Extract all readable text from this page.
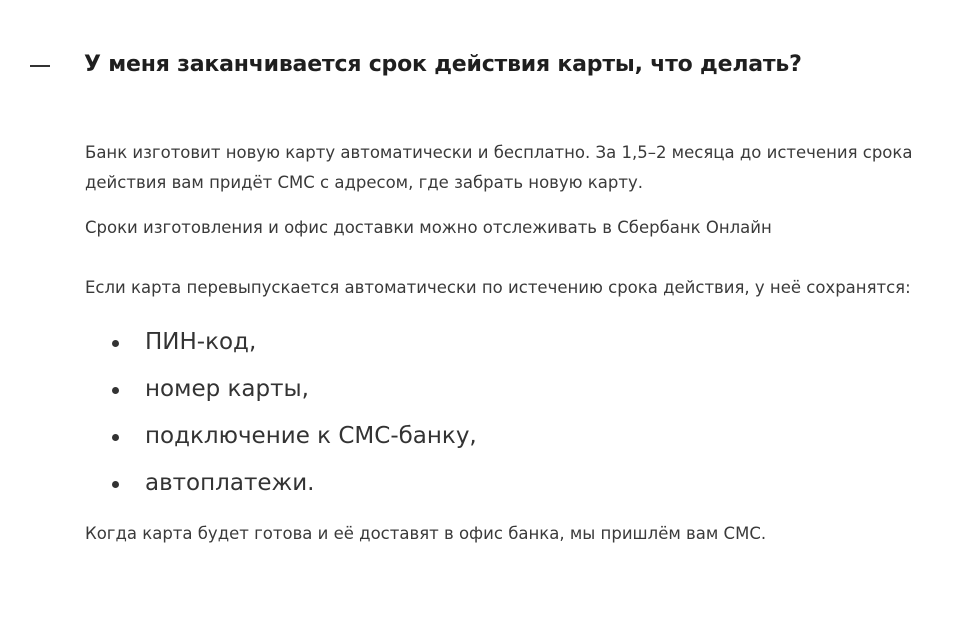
У меня заканчивается срок действия карты, что делать?

Банк изготовит новую карту автоматически и бесплатно. За 1,5–2 месяца до истечения срока действия вам придёт СМС с адресом, где забрать новую карту.

Сроки изготовления и офис доставки можно отслеживать в Сбербанк Онлайн

Если карта перевыпускается автоматически по истечению срока действия, у неё сохранятся:

ПИН-код,
номер карты,
подключение к СМС-банку,
автоплатежи.

Когда карта будет готова и её доставят в офис банка, мы пришлём вам СМС.
